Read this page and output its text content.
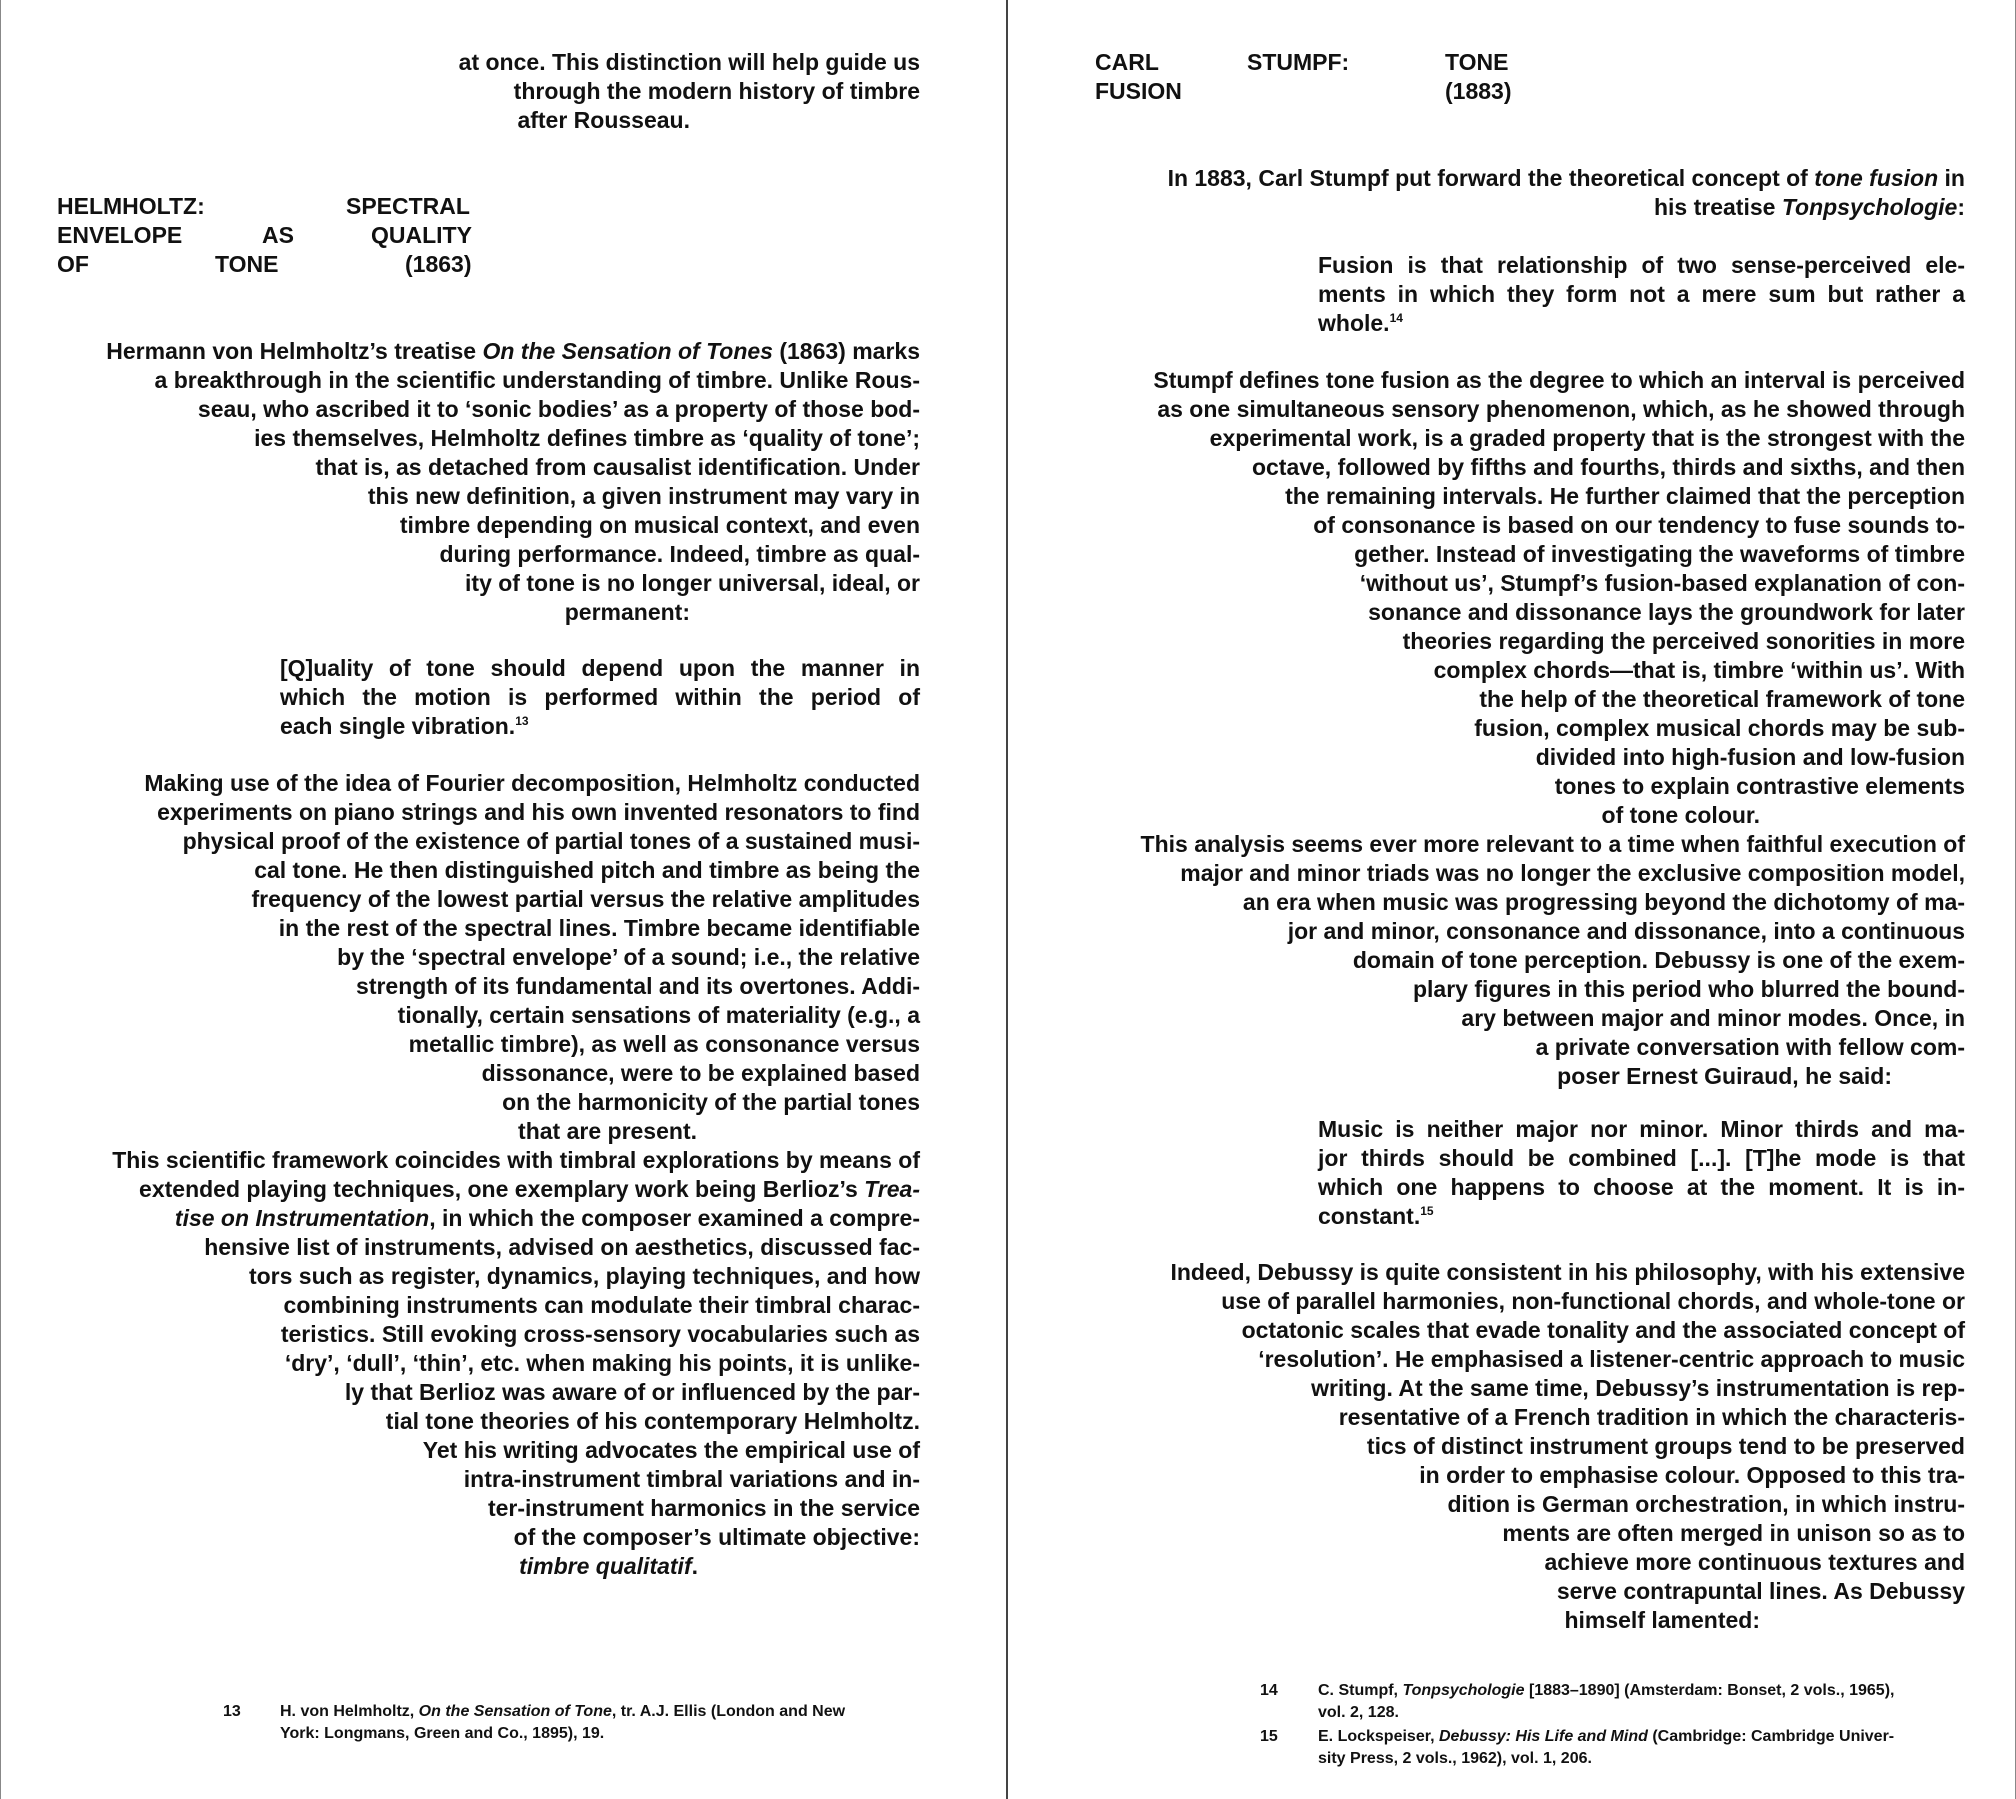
at once. This distinction will help guide us
through the modern history of timbre
after Rousseau.
HELMHOLTZ:	SPECTRAL
ENVELOPE	AS	QUALITY
OF	TONE	(1863)
Hermann von Helmholtz’s treatise On the Sensation of Tones (1863) marks
a breakthrough in the scientific understanding of timbre. Unlike Rous-
seau, who ascribed it to ‘sonic bodies’ as a property of those bod-
ies themselves, Helmholtz defines timbre as ‘quality of tone’;
that is, as detached from causalist identification. Under
this new definition, a given instrument may vary in
timbre depending on musical context, and even
during performance. Indeed, timbre as qual-
ity of tone is no longer universal, ideal, or
permanent:
[Q]uality of tone should depend upon the manner in
which the motion is performed within the period of
each single vibration.$^{13}$
Making use of the idea of Fourier decomposition, Helmholtz conducted
experiments on piano strings and his own invented resonators to find
physical proof of the existence of partial tones of a sustained musi-
cal tone. He then distinguished pitch and timbre as being the
frequency of the lowest partial versus the relative amplitudes
in the rest of the spectral lines. Timbre became identifiable
by the ‘spectral envelope’ of a sound; i.e., the relative
strength of its fundamental and its overtones. Addi-
tionally, certain sensations of materiality (e.g., a
metallic timbre), as well as consonance versus
dissonance, were to be explained based
on the harmonicity of the partial tones
that are present.
This scientific framework coincides with timbral explorations by means of
extended playing techniques, one exemplary work being Berlioz’s Trea-
tise on Instrumentation, in which the composer examined a compre-
hensive list of instruments, advised on aesthetics, discussed fac-
tors such as register, dynamics, playing techniques, and how
combining instruments can modulate their timbral charac-
teristics. Still evoking cross-sensory vocabularies such as
‘dry’, ‘dull’, ‘thin’, etc. when making his points, it is unlike-
ly that Berlioz was aware of or influenced by the par-
tial tone theories of his contemporary Helmholtz.
Yet his writing advocates the empirical use of
intra-instrument timbral variations and in-
ter-instrument harmonics in the service
of the composer’s ultimate objective:
timbre qualitatif.
13 H. von Helmholtz, On the Sensation of Tone, tr. A.J. Ellis (London and New
York: Longmans, Green and Co., 1895), 19.
CARL	STUMPF:	TONE
FUSION	(1883)
In 1883, Carl Stumpf put forward the theoretical concept of tone fusion in
his treatise Tonpsychologie:
Fusion is that relationship of two sense-perceived ele-
ments in which they form not a mere sum but rather a
whole.$^{14}$
Stumpf defines tone fusion as the degree to which an interval is perceived
as one simultaneous sensory phenomenon, which, as he showed through
experimental work, is a graded property that is the strongest with the
octave, followed by fifths and fourths, thirds and sixths, and then
the remaining intervals. He further claimed that the perception
of consonance is based on our tendency to fuse sounds to-
gether. Instead of investigating the waveforms of timbre
‘without us’, Stumpf’s fusion-based explanation of con-
sonance and dissonance lays the groundwork for later
theories regarding the perceived sonorities in more
complex chords—that is, timbre ‘within us’. With
the help of the theoretical framework of tone
fusion, complex musical chords may be sub-
divided into high-fusion and low-fusion
tones to explain contrastive elements
of tone colour.
This analysis seems ever more relevant to a time when faithful execution of
major and minor triads was no longer the exclusive composition model,
an era when music was progressing beyond the dichotomy of ma-
jor and minor, consonance and dissonance, into a continuous
domain of tone perception. Debussy is one of the exem-
plary figures in this period who blurred the bound-
ary between major and minor modes. Once, in
a private conversation with fellow com-
poser Ernest Guiraud, he said:
Music is neither major nor minor. Minor thirds and ma-
jor thirds should be combined [...]. [T]he mode is that
which one happens to choose at the moment. It is in-
constant.$^{15}$
Indeed, Debussy is quite consistent in his philosophy, with his extensive
use of parallel harmonies, non-functional chords, and whole-tone or
octatonic scales that evade tonality and the associated concept of
‘resolution’. He emphasised a listener-centric approach to music
writing. At the same time, Debussy’s instrumentation is rep-
resentative of a French tradition in which the characteris-
tics of distinct instrument groups tend to be preserved
in order to emphasise colour. Opposed to this tra-
dition is German orchestration, in which instru-
ments are often merged in unison so as to
achieve more continuous textures and
serve contrapuntal lines. As Debussy
himself lamented:
14	C. Stumpf, Tonpsychologie [1883–1890] (Amsterdam: Bonset, 2 vols., 1965),
vol. 2, 128.
15	E. Lockspeiser, Debussy: His Life and Mind (Cambridge: Cambridge Univer-
sity Press, 2 vols., 1962), vol. 1, 206.
